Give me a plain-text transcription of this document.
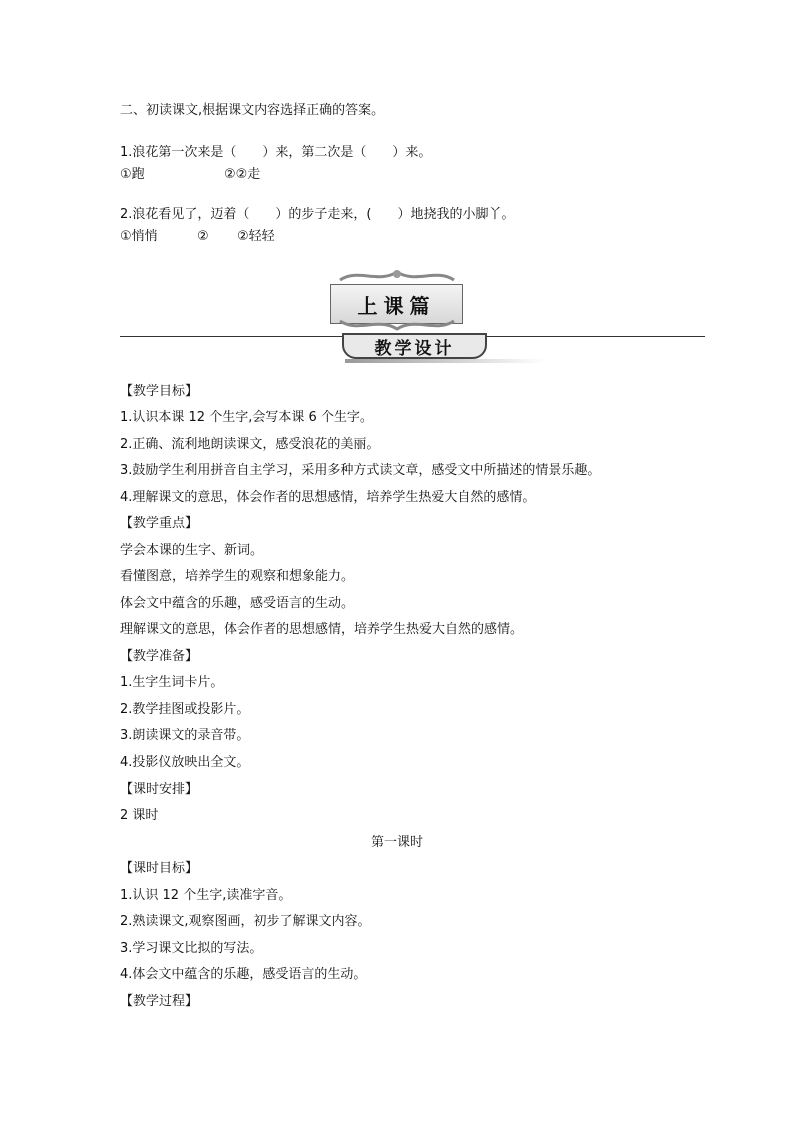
二、初读课文,根据课文内容选择正确的答案。
1.浪花第一次来是（　　）来，第二次是（　　）来。
①跑	②②走
2.浪花看见了，迈着（　　）的步子走来，(　　）地挠我的小脚丫。
①悄悄	② ②轻轻
上课篇
教学设计
【教学目标】
1.认识本课 12 个生字,会写本课 6 个生字。
2.正确、流利地朗读课文，感受浪花的美丽。
3.鼓励学生利用拼音自主学习，采用多种方式读文章，感受文中所描述的情景乐趣。
4.理解课文的意思，体会作者的思想感情，培养学生热爱大自然的感情。
【教学重点】
学会本课的生字、新词。
看懂图意，培养学生的观察和想象能力。
体会文中蕴含的乐趣，感受语言的生动。
理解课文的意思，体会作者的思想感情，培养学生热爱大自然的感情。
【教学准备】
1.生字生词卡片。
2.教学挂图或投影片。
3.朗读课文的录音带。
4.投影仪放映出全文。
【课时安排】
2 课时
第一课时
【课时目标】
1.认识 12 个生字,读准字音。
2.熟读课文,观察图画，初步了解课文内容。
3.学习课文比拟的写法。
4.体会文中蕴含的乐趣，感受语言的生动。
【教学过程】
